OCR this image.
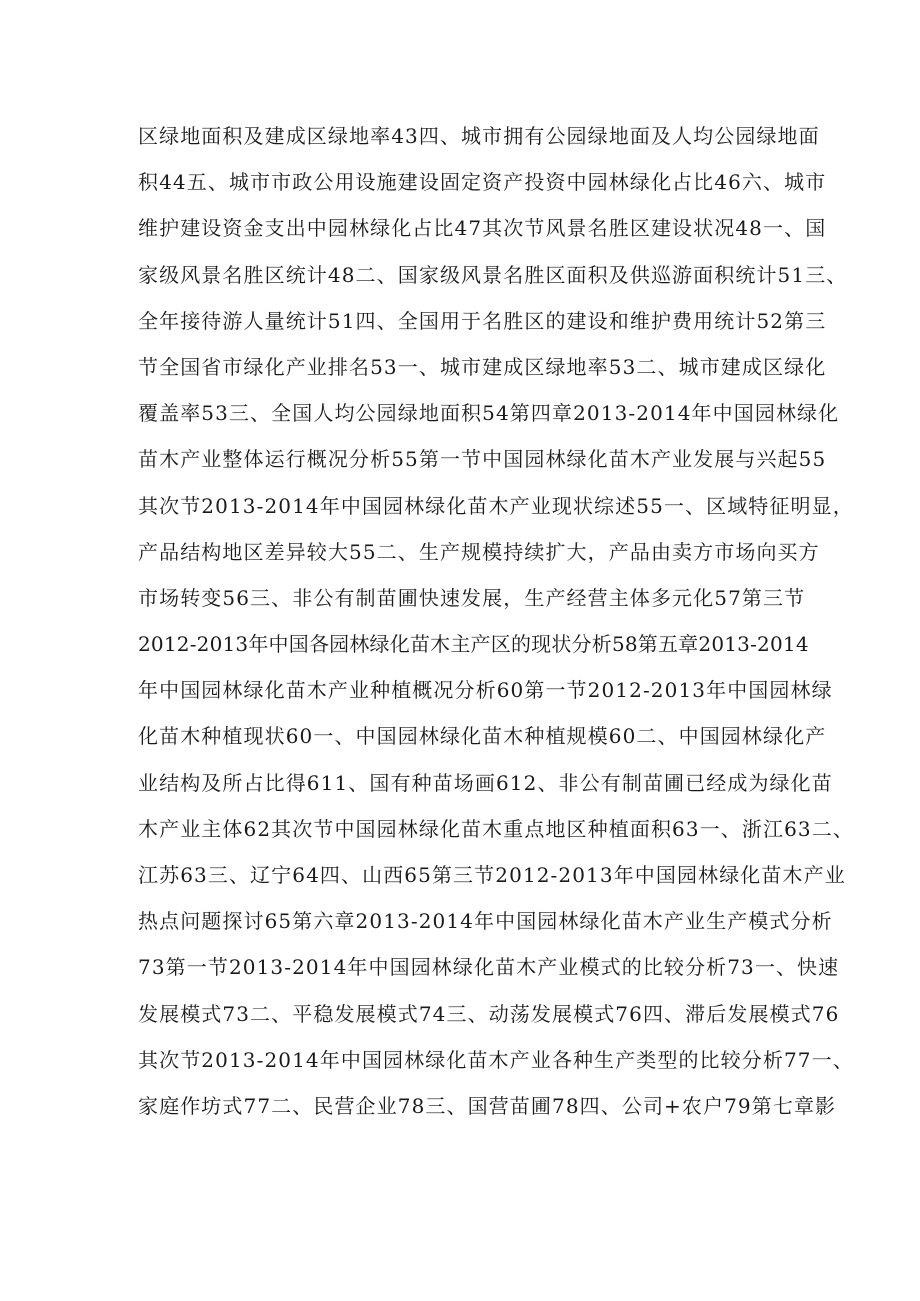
区绿地面积及建成区绿地率43四、城市拥有公园绿地面及人均公园绿地面
积44五、城市市政公用设施建设固定资产投资中园林绿化占比46六、城市
维护建设资金支出中园林绿化占比47其次节风景名胜区建设状况48一、国
家级风景名胜区统计48二、国家级风景名胜区面积及供巡游面积统计51三、
全年接待游人量统计51四、全国用于名胜区的建设和维护费用统计52第三
节全国省市绿化产业排名53一、城市建成区绿地率53二、城市建成区绿化
覆盖率53三、全国人均公园绿地面积54第四章2013-2014年中国园林绿化
苗木产业整体运行概况分析55第一节中国园林绿化苗木产业发展与兴起55
其次节2013-2014年中国园林绿化苗木产业现状综述55一、区域特征明显，
产品结构地区差异较大55二、生产规模持续扩大，产品由卖方市场向买方
市场转变56三、非公有制苗圃快速发展，生产经营主体多元化57第三节
2012-2013年中国各园林绿化苗木主产区的现状分析58第五章2013-2014
年中国园林绿化苗木产业种植概况分析60第一节2012-2013年中国园林绿
化苗木种植现状60一、中国园林绿化苗木种植规模60二、中国园林绿化产
业结构及所占比得611、国有种苗场画612、非公有制苗圃已经成为绿化苗
木产业主体62其次节中国园林绿化苗木重点地区种植面积63一、浙江63二、
江苏63三、辽宁64四、山西65第三节2012-2013年中国园林绿化苗木产业
热点问题探讨65第六章2013-2014年中国园林绿化苗木产业生产模式分析
73第一节2013-2014年中国园林绿化苗木产业模式的比较分析73一、快速
发展模式73二、平稳发展模式74三、动荡发展模式76四、滞后发展模式76
其次节2013-2014年中国园林绿化苗木产业各种生产类型的比较分析77一、
家庭作坊式77二、民营企业78三、国营苗圃78四、公司+农户79第七章影
